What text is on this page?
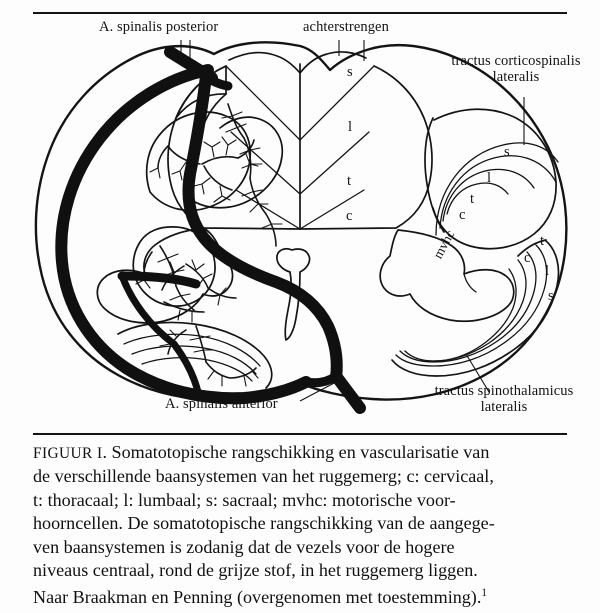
A. spinalis posterior	achterstrengen
tractus corticospinalis
lateralis
A. spinalis anterior
tractus spinothalamicus
lateralis
s
l
t
c
s
l
t
c
t
c
l
s
mvhc

FIGUUR I. Somatotopische rangschikking en vascularisatie van

de verschillende baansystemen van het ruggemerg; c: cervicaal,

t: thoracaal; l: lumbaal; s: sacraal; mvhc: motorische voor-

hoorncellen. De somatotopische rangschikking van de aangege-

ven baansystemen is zodanig dat de vezels voor de hogere

niveaus centraal, rond de grijze stof, in het ruggemerg liggen.

Naar Braakman en Penning (overgenomen met toestemming).$^1$
